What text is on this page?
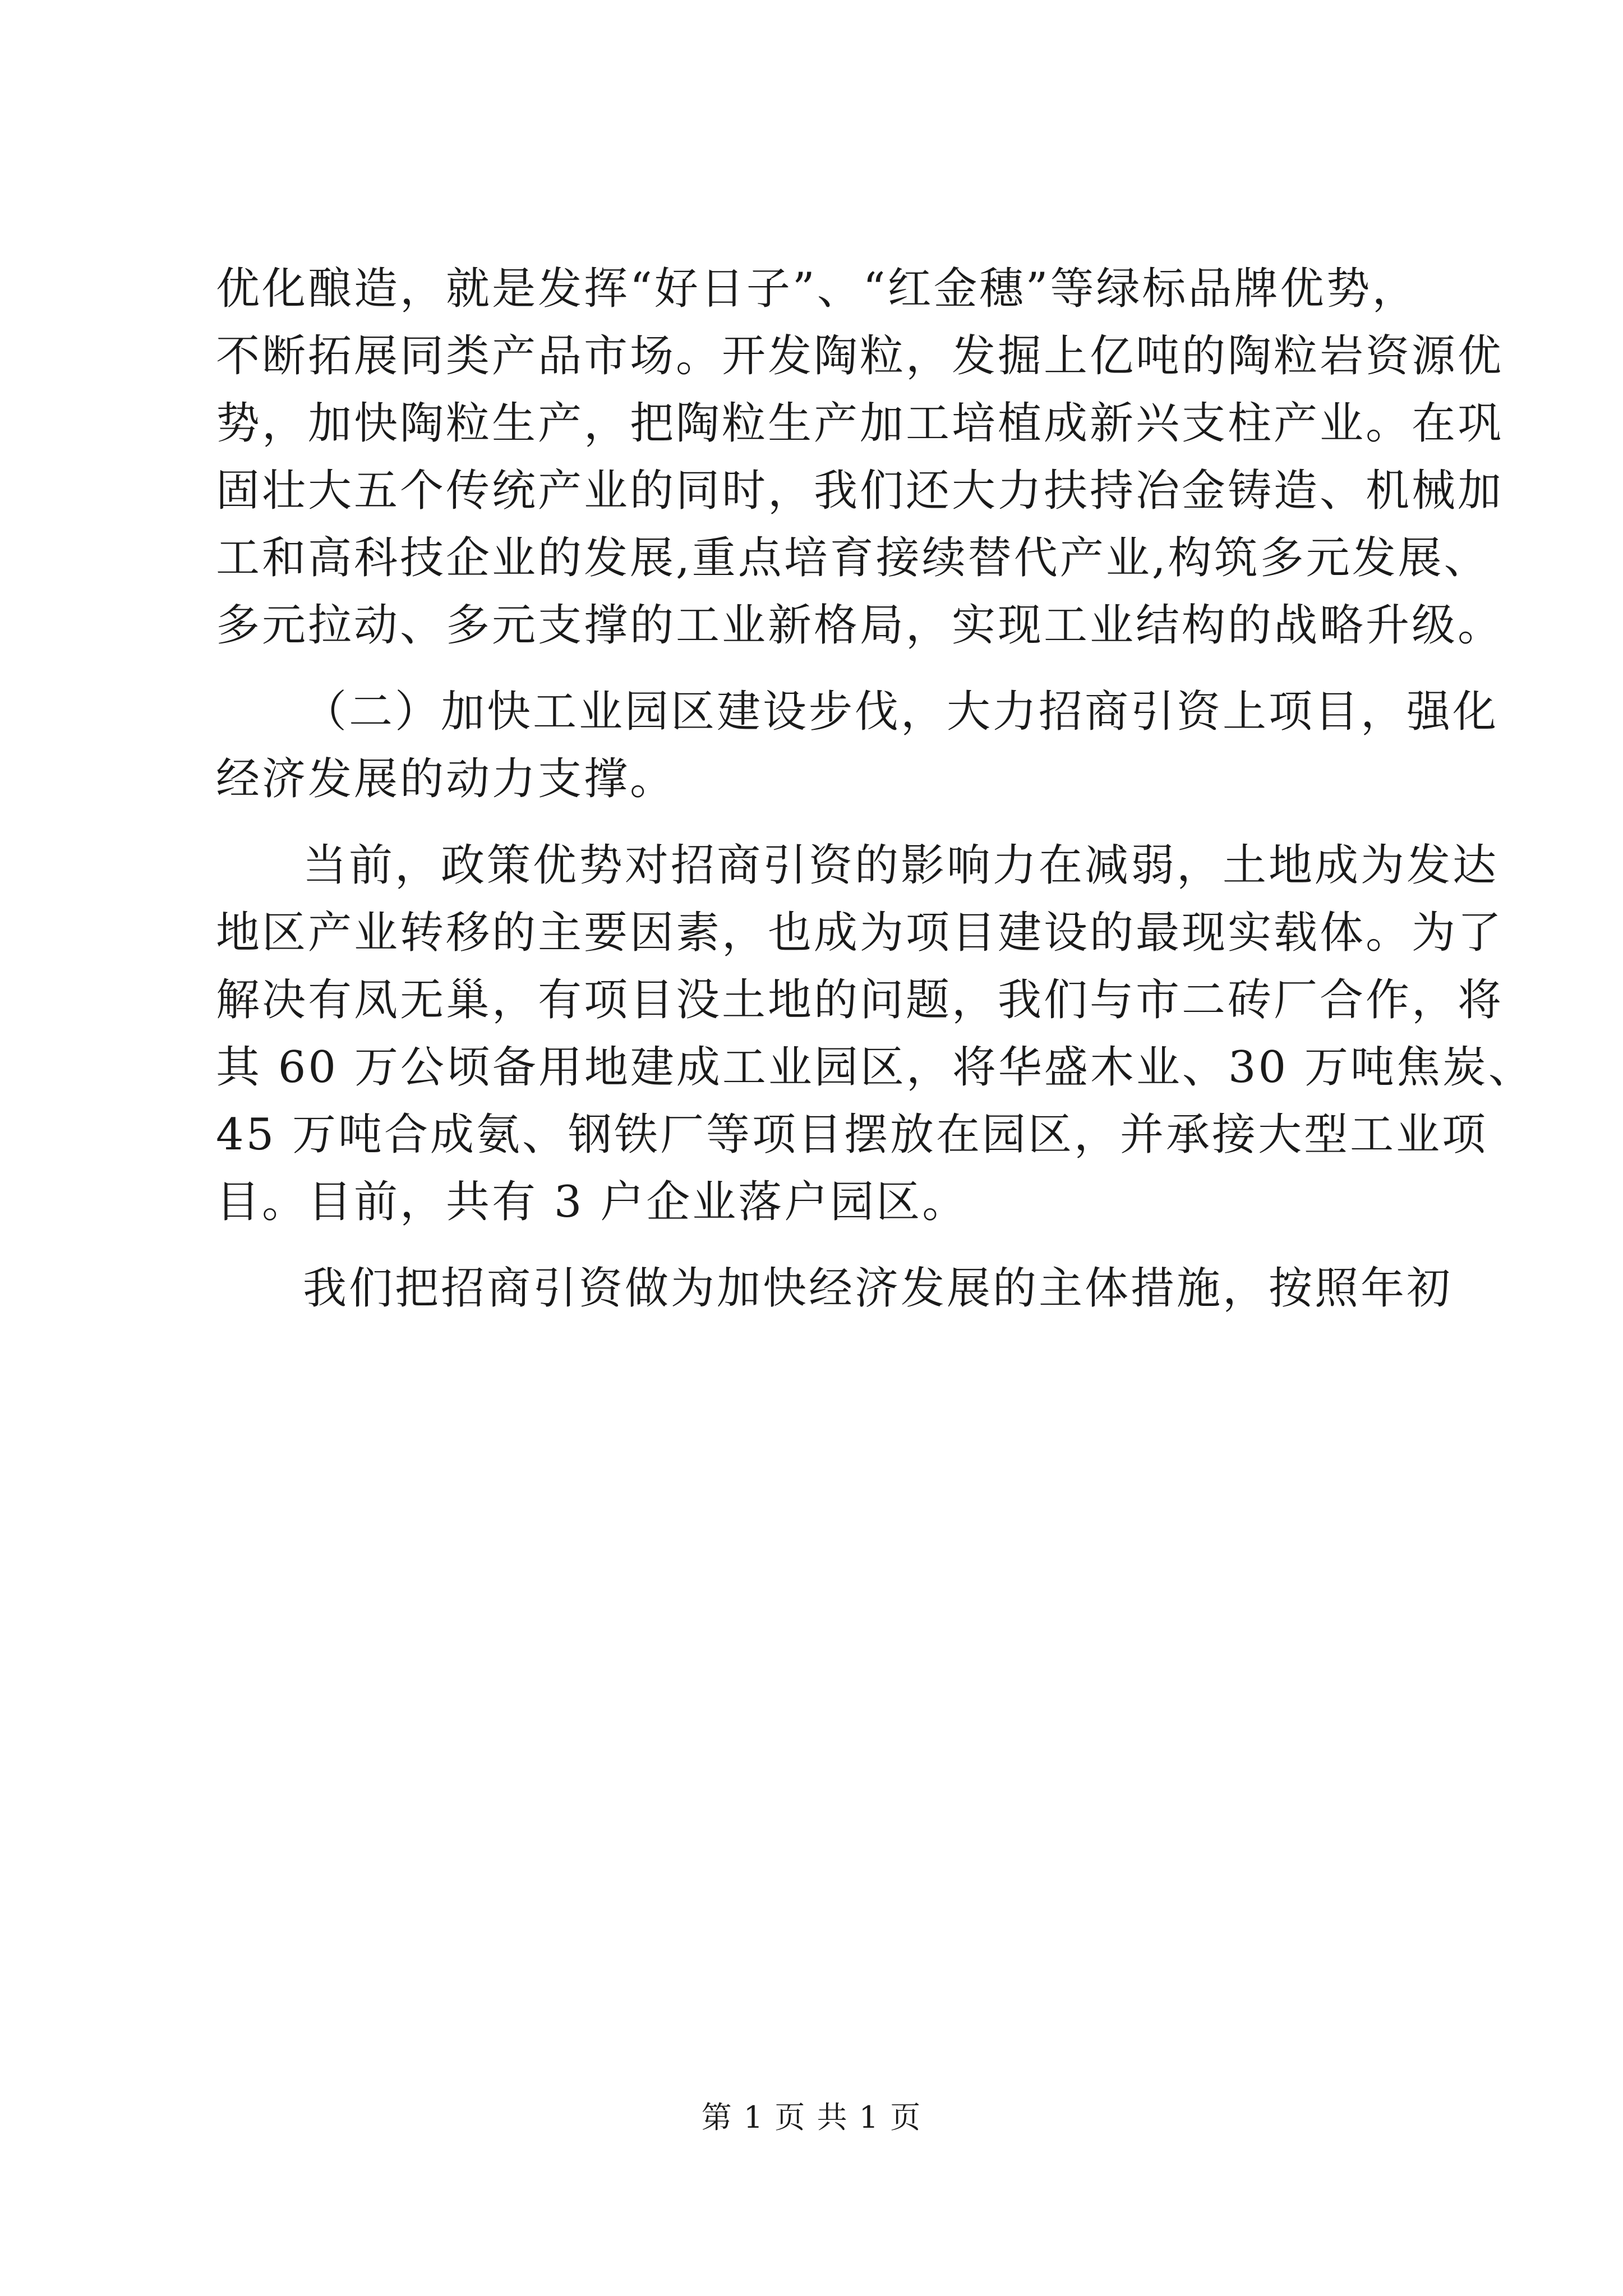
优化酿造，就是发挥“好日子”、“红金穗”等绿标品牌优势，
不断拓展同类产品市场。开发陶粒，发掘上亿吨的陶粒岩资源优
势，加快陶粒生产，把陶粒生产加工培植成新兴支柱产业。在巩
固壮大五个传统产业的同时，我们还大力扶持冶金铸造、机械加
工和高科技企业的发展,重点培育接续替代产业,构筑多元发展、
多元拉动、多元支撑的工业新格局，实现工业结构的战略升级。
（二）加快工业园区建设步伐，大力招商引资上项目，强化
经济发展的动力支撑。
当前，政策优势对招商引资的影响力在减弱，土地成为发达
地区产业转移的主要因素，也成为项目建设的最现实载体。为了
解决有凤无巢，有项目没土地的问题，我们与市二砖厂合作，将
其 60 万公顷备用地建成工业园区，将华盛木业、30 万吨焦炭、
45 万吨合成氨、钢铁厂等项目摆放在园区，并承接大型工业项
目。目前，共有 3 户企业落户园区。
我们把招商引资做为加快经济发展的主体措施，按照年初
第 1 页 共 1 页
